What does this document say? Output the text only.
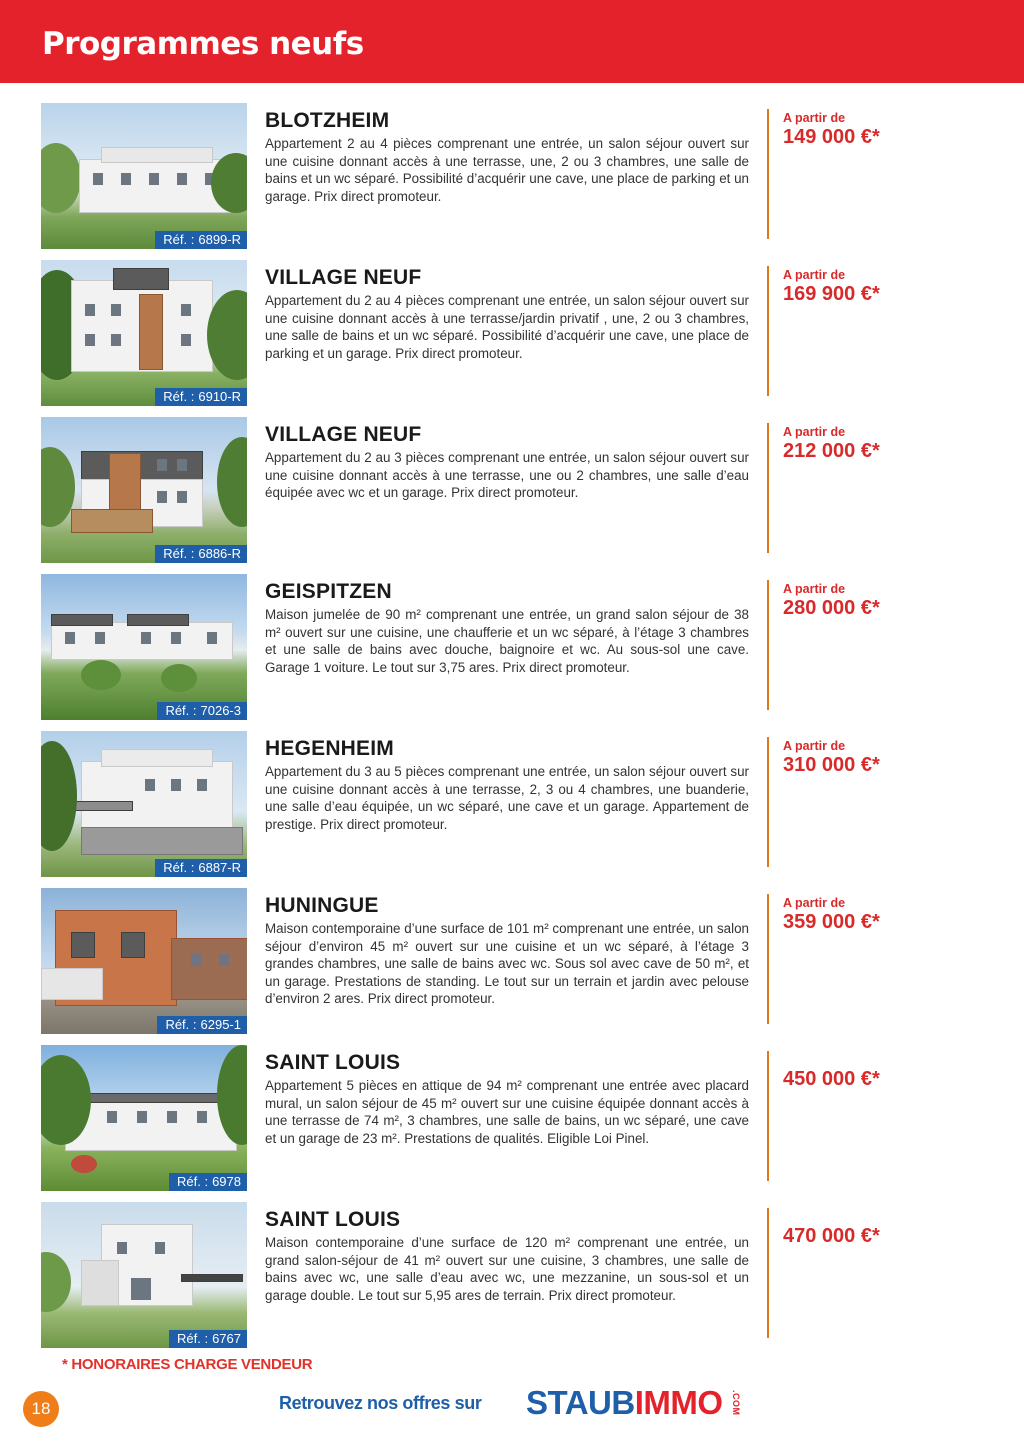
Programmes neufs
Réf. : 6899-R
BLOTZHEIM

Appartement 2 au 4 pièces comprenant une entrée, un salon séjour ouvert sur une cuisine donnant accès à une terrasse, une, 2 ou 3 chambres, une salle de bains et un wc séparé. Possibilité d’acquérir une cave, une place de parking et un garage. Prix direct promoteur.

A partir de
149 000 €*
Réf. : 6910-R
VILLAGE NEUF

Appartement du 2 au 4 pièces comprenant une entrée, un salon séjour ouvert sur une cuisine donnant accès à une terrasse/jardin privatif , une, 2 ou 3 chambres, une salle de bains et un wc séparé. Possibilité d’acquérir une cave, une place de parking et un garage. Prix direct promoteur.

A partir de
169 900 €*
Réf. : 6886-R
VILLAGE NEUF

Appartement du 2 au 3 pièces comprenant une entrée, un salon séjour ouvert sur une cuisine donnant accès à une terrasse, une ou 2 chambres, une salle d’eau équipée avec wc et un garage. Prix direct promoteur.

A partir de
212 000 €*
Réf. : 7026-3
GEISPITZEN

Maison jumelée de 90 m² comprenant une entrée, un grand salon séjour de 38 m² ouvert sur une cuisine, une chaufferie et un wc séparé, à l’étage 3 chambres et une salle de bains avec douche, baignoire et wc. Au sous-sol une cave. Garage 1 voiture. Le tout sur 3,75 ares. Prix direct promoteur.

A partir de
280 000 €*
Réf. : 6887-R
HEGENHEIM

Appartement du 3 au 5 pièces comprenant une entrée, un salon séjour ouvert sur une cuisine donnant accès à une terrasse, 2, 3 ou 4 chambres, une buanderie, une salle d’eau équipée, un wc séparé, une cave et un garage. Appartement de prestige. Prix direct promoteur.

A partir de
310 000 €*
Réf. : 6295-1
HUNINGUE

Maison contemporaine d’une surface de 101 m² comprenant une entrée, un salon séjour d’environ 45 m² ouvert sur une cuisine et un wc séparé, à l’étage 3 grandes chambres, une salle de bains avec wc. Sous sol avec cave de 50 m², et un garage. Prestations de standing. Le tout sur un terrain et jardin avec pelouse d’environ 2 ares. Prix direct promoteur.

A partir de
359 000 €*
Réf. : 6978
SAINT LOUIS

Appartement 5 pièces en attique de 94 m² comprenant une entrée avec placard mural, un salon séjour de 45 m² ouvert sur une cuisine équipée donnant accès à une terrasse de 74 m², 3 chambres, une salle de bains, un wc séparé, une cave et un garage de 23 m². Prestations de qualités. Eligible Loi Pinel.

450 000 €*
Réf. : 6767
SAINT LOUIS

Maison contemporaine d’une surface de 120 m² comprenant une entrée, un grand salon-séjour de 41 m² ouvert sur une cuisine, 3 chambres, une salle de bains avec wc, une salle d’eau avec wc, une mezzanine, un sous-sol et un garage double. Le tout sur 5,95 ares de terrain. Prix direct promoteur.

470 000 €*
* HONORAIRES CHARGE VENDEUR
18	Retrouvez nos offres sur STAUBIMMO .COM
